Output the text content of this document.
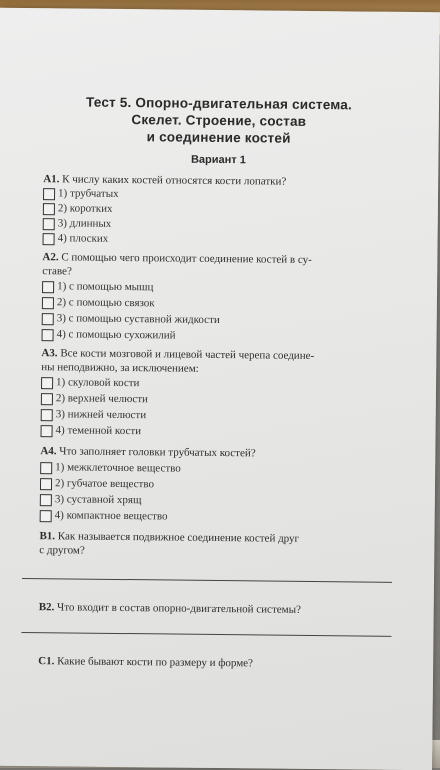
Тест 5. Опорно-двигательная система.
Скелет. Строение, состав
и соединение костей
Вариант 1
А1. К числу каких костей относятся кости лопатки?
1) трубчатых
2) коротких
3) длинных
4) плоских
А2. С помощью чего происходит соединение костей в су-
ставе?
1) с помощью мышц
2) с помощью связок
3) с помощью суставной жидкости
4) с помощью сухожилий
А3. Все кости мозговой и лицевой частей черепа соедине-
ны неподвижно, за исключением:
1) скуловой кости
2) верхней челюсти
3) нижней челюсти
4) теменной кости
А4. Что заполняет головки трубчатых костей?
1) межклеточное вещество
2) губчатое вещество
3) суставной хрящ
4) компактное вещество
В1. Как называется подвижное соединение костей друг
с другом?
В2. Что входит в состав опорно-двигательной системы?
С1. Какие бывают кости по размеру и форме?
